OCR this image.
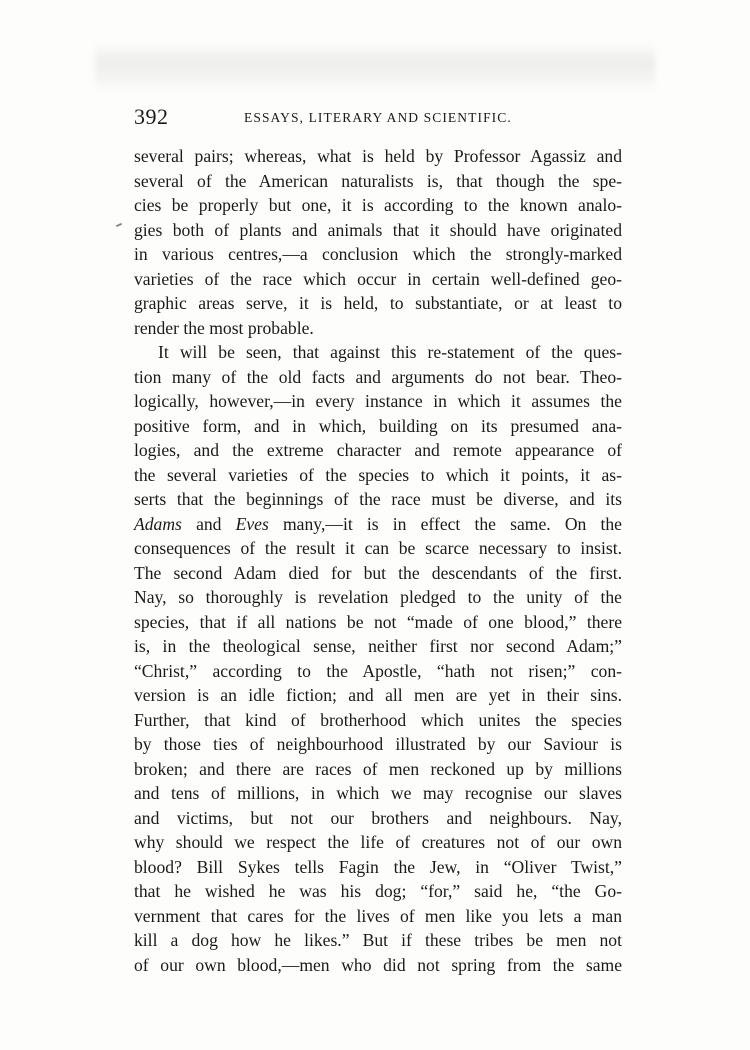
392	ESSAYS, LITERARY AND SCIENTIFIC.
several pairs; whereas, what is held by Professor Agassiz and
several of the American naturalists is, that though the spe-
cies be properly but one, it is according to the known analo-
gies both of plants and animals that it should have originated
in various centres,—a conclusion which the strongly-marked
varieties of the race which occur in certain well-defined geo-
graphic areas serve, it is held, to substantiate, or at least to
render the most probable.
It will be seen, that against this re-statement of the ques-
tion many of the old facts and arguments do not bear. Theo-
logically, however,—in every instance in which it assumes the
positive form, and in which, building on its presumed ana-
logies, and the extreme character and remote appearance of
the several varieties of the species to which it points, it as-
serts that the beginnings of the race must be diverse, and its
Adams and Eves many,—it is in effect the same. On the
consequences of the result it can be scarce necessary to insist.
The second Adam died for but the descendants of the first.
Nay, so thoroughly is revelation pledged to the unity of the
species, that if all nations be not “made of one blood,” there
is, in the theological sense, neither first nor second Adam;”
“Christ,” according to the Apostle, “hath not risen;” con-
version is an idle fiction; and all men are yet in their sins.
Further, that kind of brotherhood which unites the species
by those ties of neighbourhood illustrated by our Saviour is
broken; and there are races of men reckoned up by millions
and tens of millions, in which we may recognise our slaves
and victims, but not our brothers and neighbours. Nay,
why should we respect the life of creatures not of our own
blood? Bill Sykes tells Fagin the Jew, in “Oliver Twist,”
that he wished he was his dog; “for,” said he, “the Go-
vernment that cares for the lives of men like you lets a man
kill a dog how he likes.” But if these tribes be men not
of our own blood,—men who did not spring from the same
